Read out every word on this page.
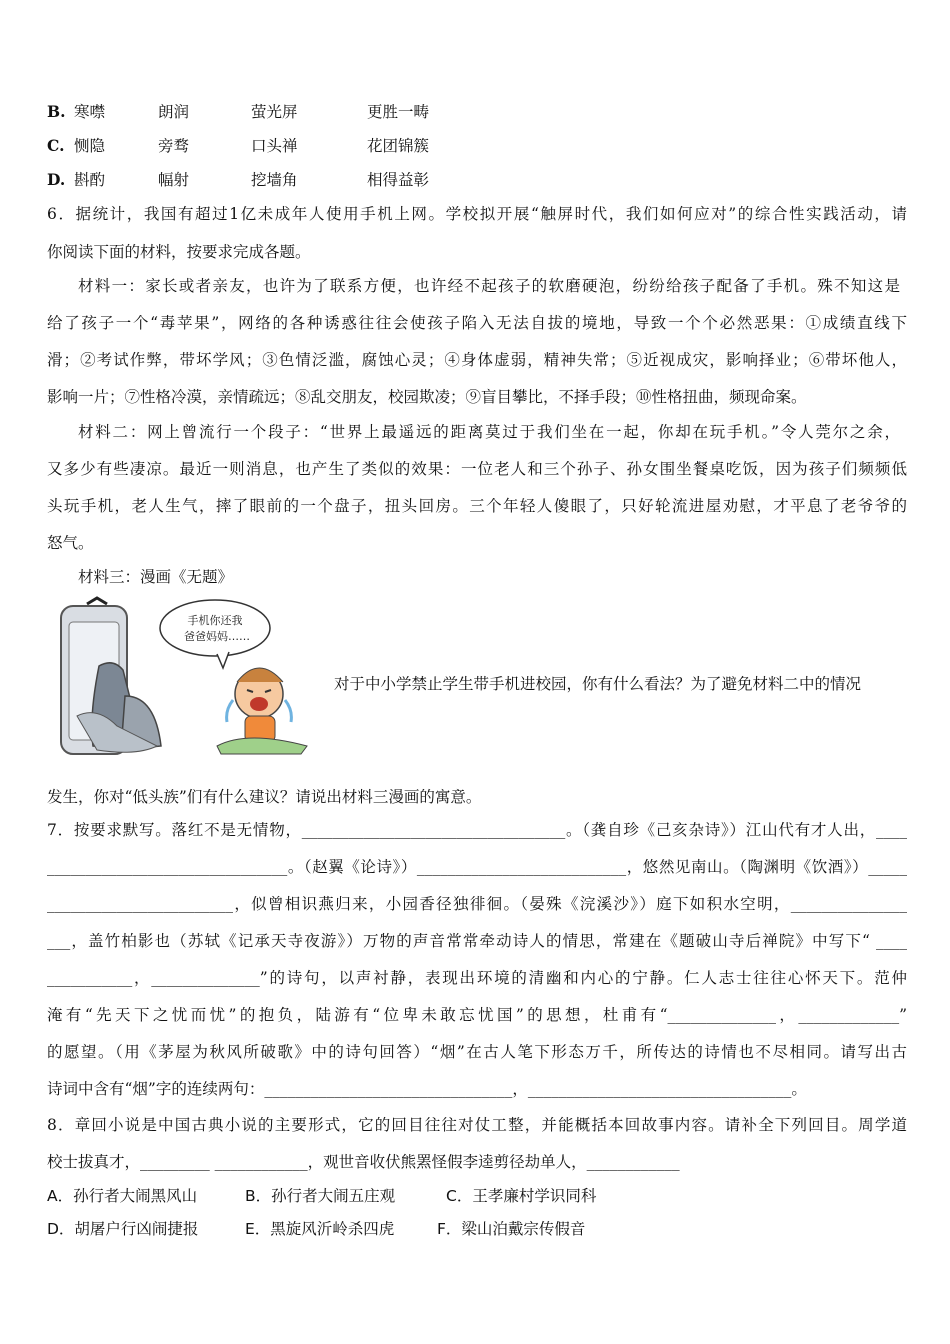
B. 寒噤	朗润	萤光屏	更胜一畴
C. 恻隐	旁骛	口头禅	花团锦簇
D. 斟酌	幅射	挖墙角	相得益彰
6．据统计，我国有超过1亿未成年人使用手机上网。学校拟开展“触屏时代，我们如何应对”的综合性实践活动，请
你阅读下面的材料，按要求完成各题。
材料一：家长或者亲友，也许为了联系方便，也许经不起孩子的软磨硬泡，纷纷给孩子配备了手机。殊不知这是
给了孩子一个“毒苹果”，网络的各种诱惑往往会使孩子陷入无法自拔的境地，导致一个个必然恶果：①成绩直线下
滑；②考试作弊，带坏学风；③色情泛滥，腐蚀心灵；④身体虚弱，精神失常；⑤近视成灾，影响择业；⑥带坏他人，
影响一片；⑦性格冷漠，亲情疏远；⑧乱交朋友，校园欺凌；⑨盲目攀比，不择手段；⑩性格扭曲，频现命案。
材料二：网上曾流行一个段子：“世界上最遥远的距离莫过于我们坐在一起，你却在玩手机。”令人莞尔之余，
又多少有些凄凉。最近一则消息，也产生了类似的效果：一位老人和三个孙子、孙女围坐餐桌吃饭，因为孩子们频频低
头玩手机，老人生气，摔了眼前的一个盘子，扭头回房。三个年轻人傻眼了，只好轮流进屋劝慰，才平息了老爷爷的
怒气。
材料三：漫画《无题》
手机你还我
爸爸妈妈……
对于中小学禁止学生带手机进校园，你有什么看法？为了避免材料二中的情况
发生，你对“低头族”们有什么建议？请说出材料三漫画的寓意。
7．按要求默写。落红不是无情物，__________________________________。（龚自珍《己亥杂诗》）江山代有才人出，____
_______________________________。（赵翼《论诗》）___________________________，悠然见南山。（陶渊明《饮酒》）_____
________________________，似曾相识燕归来，小园香径独徘徊。（晏殊《浣溪沙》）庭下如积水空明，_______________
___，盖竹柏影也（苏轼《记承天寺夜游》）万物的声音常常牵动诗人的情思，常建在《题破山寺后禅院》中写下“ ____
___________，______________”的诗句，以声衬静，表现出环境的清幽和内心的宁静。仁人志士往往心怀天下。范仲
淹有“先天下之忧而忧”的抱负，陆游有“位卑未敢忘忧国”的思想，杜甫有“______________，_____________”
的愿望。（用《茅屋为秋风所破歌》中的诗句回答）“烟”在古人笔下形态万千，所传达的诗情也不尽相同。请写出古
诗词中含有“烟”字的连续两句：________________________________，__________________________________。
8．章回小说是中国古典小说的主要形式，它的回目往往对仗工整，并能概括本回故事内容。请补全下列回目。周学道
校士拔真才，_________ ____________，观世音收伏熊罴怪假李逵剪径劫单人，____________
A．孙行者大闹黑风山	B．孙行者大闹五庄观	C．王孝廉村学识同科
D．胡屠户行凶闹捷报	E．黑旋风沂岭杀四虎	F．梁山泊戴宗传假音
